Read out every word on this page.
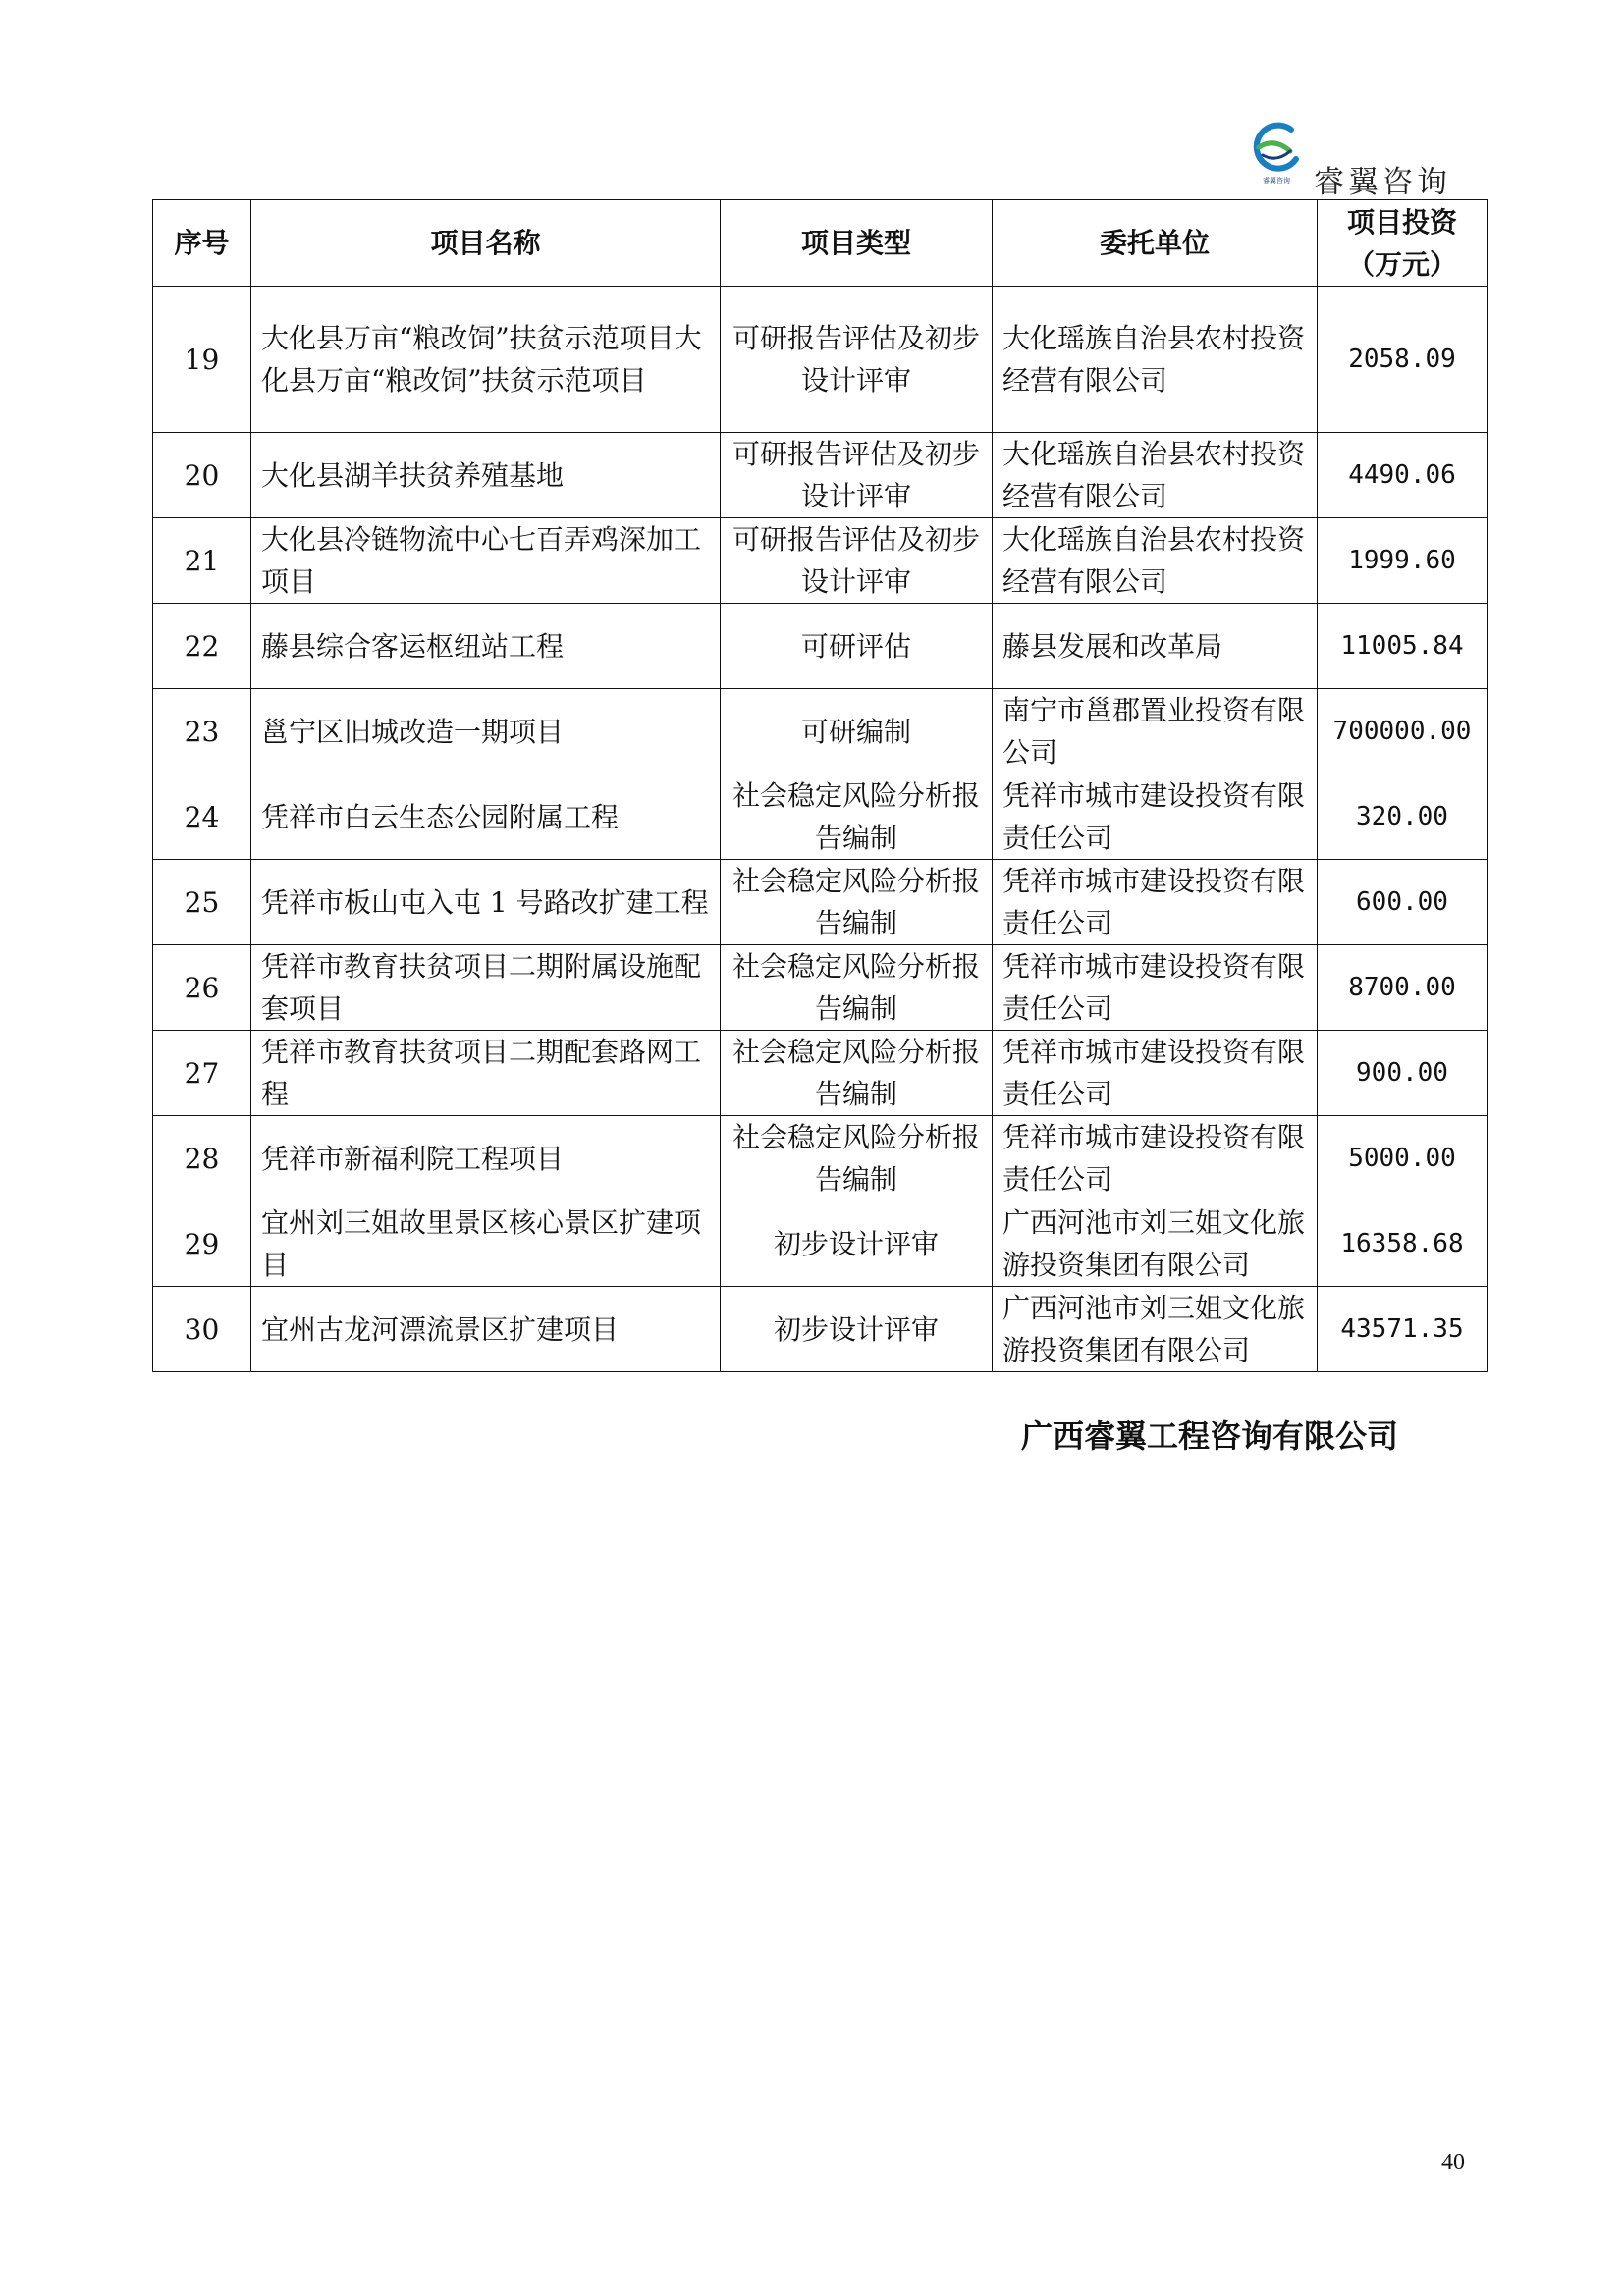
睿翼咨询 睿翼咨询
序号	项目名称	项目类型	委托单位	项目投资（万元）
19	大化县万亩“粮改饲”扶贫示范项目大化县万亩“粮改饲”扶贫示范项目	可研报告评估及初步设计评审	大化瑶族自治县农村投资经营有限公司	2058.09
20	大化县湖羊扶贫养殖基地	可研报告评估及初步设计评审	大化瑶族自治县农村投资经营有限公司	4490.06
21	大化县冷链物流中心七百弄鸡深加工项目	可研报告评估及初步设计评审	大化瑶族自治县农村投资经营有限公司	1999.60
22	藤县综合客运枢纽站工程	可研评估	藤县发展和改革局	11005.84
23	邕宁区旧城改造一期项目	可研编制	南宁市邕郡置业投资有限公司	700000.00
24	凭祥市白云生态公园附属工程	社会稳定风险分析报告编制	凭祥市城市建设投资有限责任公司	320.00
25	凭祥市板山屯入屯 1 号路改扩建工程	社会稳定风险分析报告编制	凭祥市城市建设投资有限责任公司	600.00
26	凭祥市教育扶贫项目二期附属设施配套项目	社会稳定风险分析报告编制	凭祥市城市建设投资有限责任公司	8700.00
27	凭祥市教育扶贫项目二期配套路网工程	社会稳定风险分析报告编制	凭祥市城市建设投资有限责任公司	900.00
28	凭祥市新福利院工程项目	社会稳定风险分析报告编制	凭祥市城市建设投资有限责任公司	5000.00
29	宜州刘三姐故里景区核心景区扩建项目	初步设计评审	广西河池市刘三姐文化旅游投资集团有限公司	16358.68
30	宜州古龙河漂流景区扩建项目	初步设计评审	广西河池市刘三姐文化旅游投资集团有限公司	43571.35
广西睿翼工程咨询有限公司
40
